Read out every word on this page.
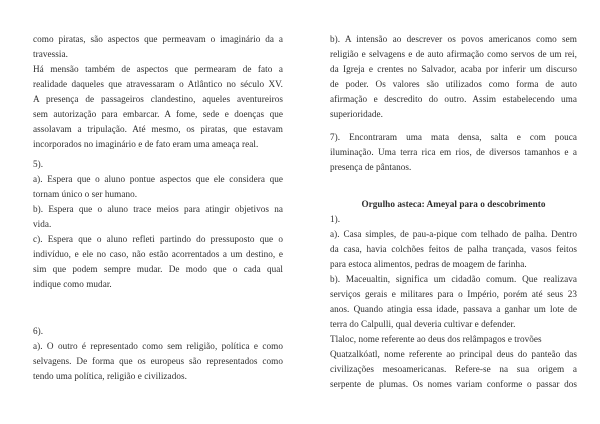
como piratas, são aspectos que permeavam o imaginário da a
travessia.
Há mensão também de aspectos que permearam de fato a
realidade daqueles que atravessaram o Atlântico no século XV.
A presença de passageiros clandestino, aqueles aventureiros
sem autorização para embarcar. A fome, sede e doenças que
assolavam a tripulação. Até mesmo, os piratas, que estavam
incorporados no imaginário e de fato eram uma ameaça real.
5).
a). Espera que o aluno pontue aspectos que ele considera que
tornam único o ser humano.
b). Espera que o aluno trace meios para atingir objetivos na
vida.
c). Espera que o aluno refleti partindo do pressuposto que o
indivíduo, e ele no caso, não estão acorrentados a um destino, e
sim que podem sempre mudar. De modo que o cada qual
indique como mudar.
6).
a). O outro é representado como sem religião, política e como
selvagens. De forma que os europeus são representados como
tendo uma política, religião e civilizados.
b). A intensão ao descrever os povos americanos como sem
religião e selvagens e de auto afirmação como servos de um rei,
da Igreja e crentes no Salvador, acaba por inferir um discurso
de poder. Os valores são utilizados como forma de auto
afirmação e descredito do outro. Assim estabelecendo uma
superioridade.
7). Encontraram uma mata densa, salta e com pouca
iluminação. Uma terra rica em rios, de diversos tamanhos e a
presença de pântanos.
Orgulho asteca: Ameyal para o descobrimento
1).
a). Casa simples, de pau-a-pique com telhado de palha. Dentro
da casa, havia colchões feitos de palha trançada, vasos feitos
para estoca alimentos, pedras de moagem de farinha.
b). Maceualtin, significa um cidadão comum. Que realizava
serviços gerais e militares para o Império, porém até seus 23
anos. Quando atingia essa idade, passava a ganhar um lote de
terra do Calpulli, qual deveria cultivar e defender.
Tlaloc, nome referente ao deus dos relâmpagos e trovões
Quatzalkóatl, nome referente ao principal deus do panteão das
civilizações mesoamericanas. Refere-se na sua origem a
serpente de plumas. Os nomes variam conforme o passar dos
